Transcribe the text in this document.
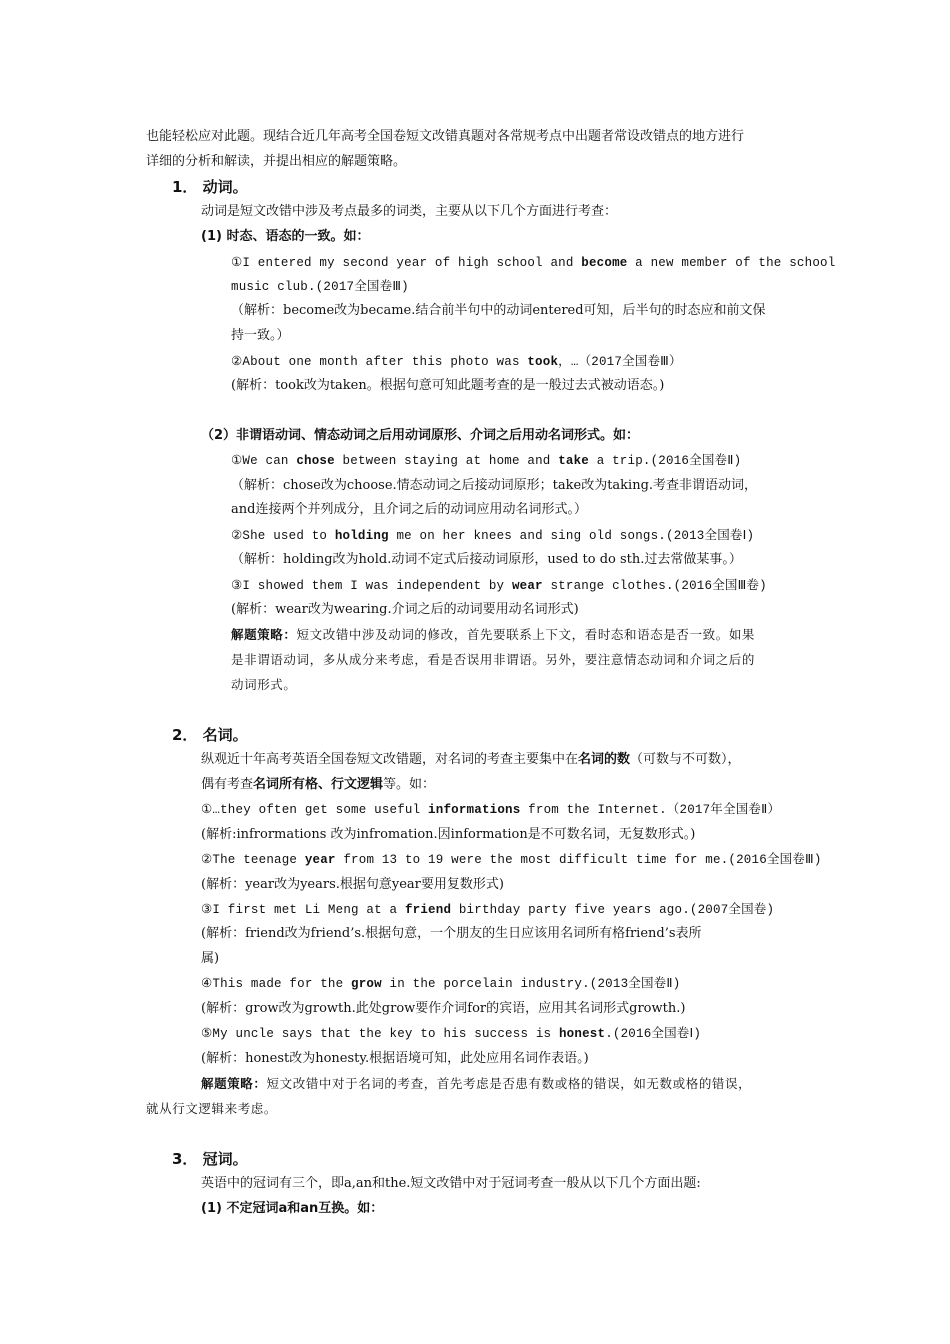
也能轻松应对此题。现结合近几年高考全国卷短文改错真题对各常规考点中出题者常设改错点的地方进行
详细的分析和解读，并提出相应的解题策略。
1． 动词。
动词是短文改错中涉及考点最多的词类，主要从以下几个方面进行考查：
(1) 时态、语态的一致。如：
①I entered my second year of high school and become a new member of the school
music club.(2017全国卷Ⅲ)
（解析：become改为became.结合前半句中的动词entered可知，后半句的时态应和前文保
持一致。）
②About one month after this photo was took，…（2017全国卷Ⅲ）
(解析：took改为taken。根据句意可知此题考查的是一般过去式被动语态。)
（2）非谓语动词、情态动词之后用动词原形、介词之后用动名词形式。如：
①We can chose between staying at home and take a trip.(2016全国卷Ⅱ)
（解析：chose改为choose.情态动词之后接动词原形；take改为taking.考查非谓语动词，
and连接两个并列成分，且介词之后的动词应用动名词形式。）
②She used to holding me on her knees and sing old songs.(2013全国卷Ⅰ)
（解析：holding改为hold.动词不定式后接动词原形，used to do sth.过去常做某事。）
③I showed them I was independent by wear strange clothes.(2016全国Ⅲ卷)
(解析：wear改为wearing.介词之后的动词要用动名词形式)
解题策略：短文改错中涉及动词的修改，首先要联系上下文，看时态和语态是否一致。如果
是非谓语动词，多从成分来考虑，看是否误用非谓语。另外，要注意情态动词和介词之后的
动词形式。
2． 名词。
纵观近十年高考英语全国卷短文改错题，对名词的考查主要集中在名词的数（可数与不可数），
偶有考查名词所有格、行文逻辑等。如：
①…they often get some useful informations from the Internet.（2017年全国卷Ⅱ）
(解析:infrormations 改为infromation.因information是不可数名词，无复数形式。)
②The teenage year from 13 to 19 were the most difficult time for me.(2016全国卷Ⅲ)
(解析：year改为years.根据句意year要用复数形式)
③I first met Li Meng at a friend birthday party five years ago.(2007全国卷)
(解析：friend改为friend’s.根据句意，一个朋友的生日应该用名词所有格friend’s表所
属)
④This made for the grow in the porcelain industry.(2013全国卷Ⅱ)
(解析：grow改为growth.此处grow要作介词for的宾语，应用其名词形式growth.)
⑤My uncle says that the key to his success is honest.(2016全国卷Ⅰ)
(解析：honest改为honesty.根据语境可知，此处应用名词作表语。)
解题策略：短文改错中对于名词的考查，首先考虑是否患有数或格的错误，如无数或格的错误，
就从行文逻辑来考虑。
3． 冠词。
英语中的冠词有三个，即a,an和the.短文改错中对于冠词考查一般从以下几个方面出题:
(1) 不定冠词a和an互换。如：
